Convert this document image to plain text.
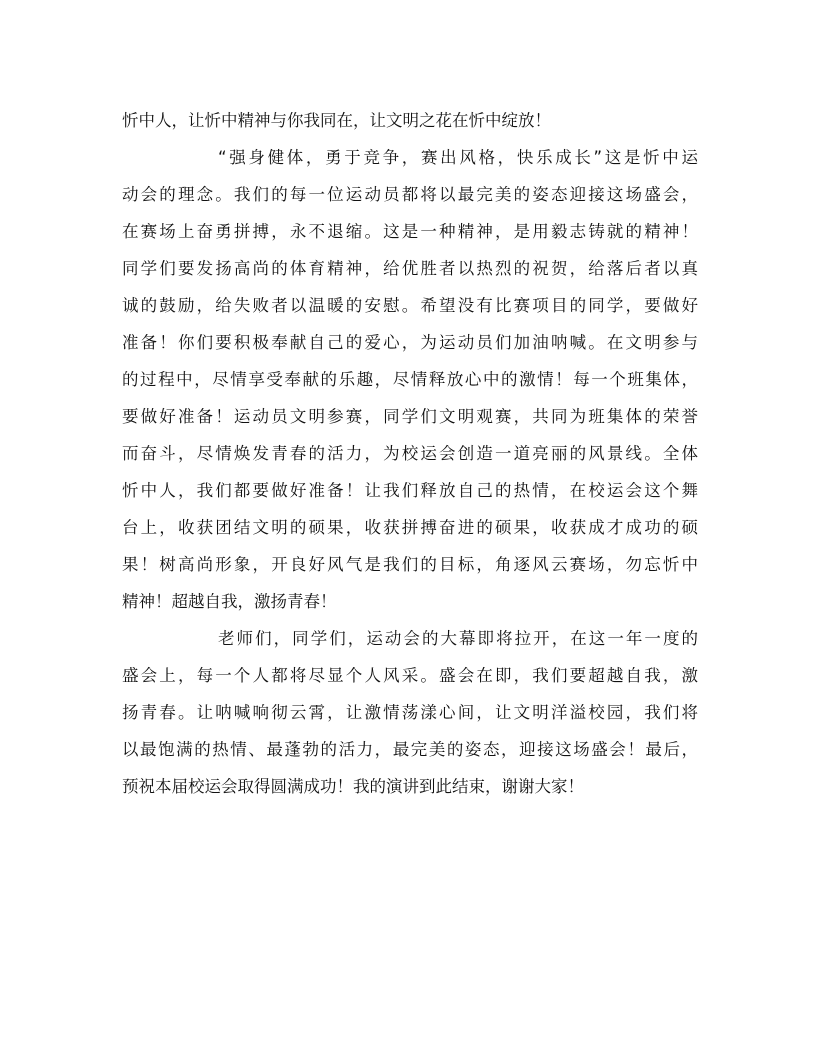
忻中人，让忻中精神与你我同在，让文明之花在忻中绽放！
“强身健体，勇于竞争，赛出风格，快乐成长”这是忻中运
动会的理念。我们的每一位运动员都将以最完美的姿态迎接这场盛会，
在赛场上奋勇拼搏，永不退缩。这是一种精神，是用毅志铸就的精神！
同学们要发扬高尚的体育精神，给优胜者以热烈的祝贺，给落后者以真
诚的鼓励，给失败者以温暖的安慰。希望没有比赛项目的同学，要做好
准备！你们要积极奉献自己的爱心，为运动员们加油呐喊。在文明参与
的过程中，尽情享受奉献的乐趣，尽情释放心中的激情！每一个班集体，
要做好准备！运动员文明参赛，同学们文明观赛，共同为班集体的荣誉
而奋斗，尽情焕发青春的活力，为校运会创造一道亮丽的风景线。全体
忻中人，我们都要做好准备！让我们释放自己的热情，在校运会这个舞
台上，收获团结文明的硕果，收获拼搏奋进的硕果，收获成才成功的硕
果！树高尚形象，开良好风气是我们的目标，角逐风云赛场，勿忘忻中
精神！超越自我，激扬青春！
老师们，同学们，运动会的大幕即将拉开，在这一年一度的
盛会上，每一个人都将尽显个人风采。盛会在即，我们要超越自我，激
扬青春。让呐喊响彻云霄，让激情荡漾心间，让文明洋溢校园，我们将
以最饱满的热情、最蓬勃的活力，最完美的姿态，迎接这场盛会！最后，
预祝本届校运会取得圆满成功！我的演讲到此结束，谢谢大家！
